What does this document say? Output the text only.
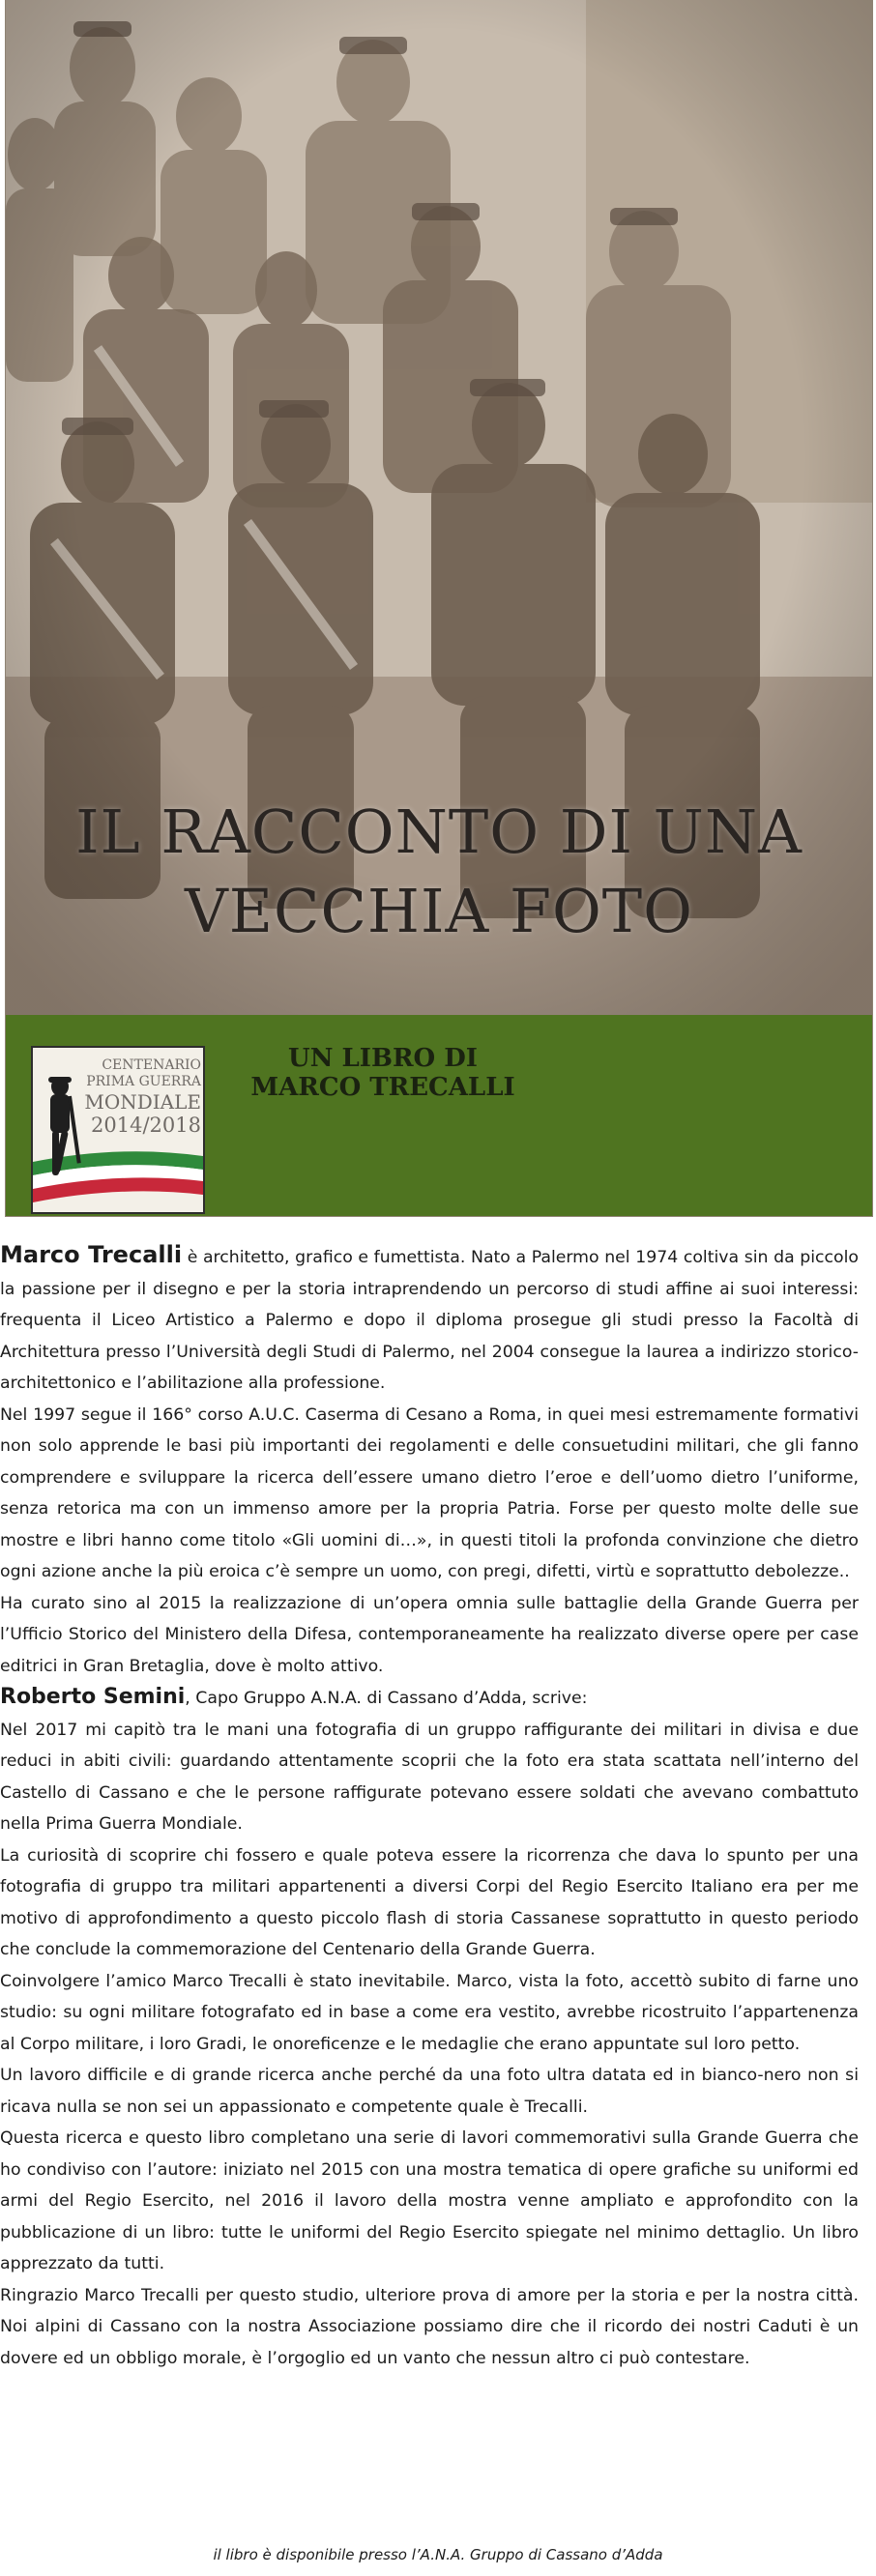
IL RACCONTO DI UNA
VECCHIA FOTO
CENTENARIO
PRIMA GUERRA
MONDIALE
2014/2018
UN LIBRO DI
MARCO TRECALLI

Marco Trecalli è architetto, grafico e fumettista. Nato a Palermo nel 1974 coltiva sin da piccolo la passione per il disegno e per la storia intraprendendo un percorso di studi affine ai suoi interessi: frequenta il Liceo Artistico a Palermo e dopo il diploma prosegue gli studi presso la Facoltà di Architettura presso l’Università degli Studi di Palermo, nel 2004 consegue la laurea a indirizzo storico-architettonico e l’abilitazione alla professione.

Nel 1997 segue il 166° corso A.U.C. Caserma di Cesano a Roma, in quei mesi estremamente formativi non solo apprende le basi più importanti dei regolamenti e delle consuetudini militari, che gli fanno comprendere e sviluppare la ricerca dell’essere umano dietro l’eroe e dell’uomo dietro l’uniforme, senza retorica ma con un immenso amore per la propria Patria. Forse per questo molte delle sue mostre e libri hanno come titolo «Gli uomini di…», in questi titoli la profonda convinzione che dietro ogni azione anche la più eroica c’è sempre un uomo, con pregi, difetti, virtù e soprattutto debolezze..

Ha curato sino al 2015 la realizzazione di un’opera omnia sulle battaglie della Grande Guerra per l’Ufficio Storico del Ministero della Difesa, contemporaneamente ha realizzato diverse opere per case editrici in Gran Bretaglia, dove è molto attivo.

Roberto Semini, Capo Gruppo A.N.A. di Cassano d’Adda, scrive:

Nel 2017 mi capitò tra le mani una fotografia di un gruppo raffigurante dei militari in divisa e due reduci in abiti civili: guardando attentamente scoprii che la foto era stata scattata nell’interno del Castello di Cassano e che le persone raffigurate potevano essere soldati che avevano combattuto nella Prima Guerra Mondiale.

La curiosità di scoprire chi fossero e quale poteva essere la ricorrenza che dava lo spunto per una fotografia di gruppo tra militari appartenenti a diversi Corpi del Regio Esercito Italiano era per me motivo di approfondimento a questo piccolo flash di storia Cassanese soprattutto in questo periodo che conclude la commemorazione del Centenario della Grande Guerra.

Coinvolgere l’amico Marco Trecalli è stato inevitabile. Marco, vista la foto, accettò subito di farne uno studio: su ogni militare fotografato ed in base a come era vestito, avrebbe ricostruito l’appartenenza al Corpo militare, i loro Gradi, le onoreficenze e le medaglie che erano appuntate sul loro petto.

Un lavoro difficile e di grande ricerca anche perché da una foto ultra datata ed in bianco-nero non si ricava nulla se non sei un appassionato e competente quale è Trecalli.

Questa ricerca e questo libro completano una serie di lavori commemorativi sulla Grande Guerra che ho condiviso con l’autore: iniziato nel 2015 con una mostra tematica di opere grafiche su uniformi ed armi del Regio Esercito, nel 2016 il lavoro della mostra venne ampliato e approfondito con la pubblicazione di un libro: tutte le uniformi del Regio Esercito spiegate nel minimo dettaglio. Un libro apprezzato da tutti.

Ringrazio Marco Trecalli per questo studio, ulteriore prova di amore per la storia e per la nostra città. Noi alpini di Cassano con la nostra Associazione possiamo dire che il ricordo dei nostri Caduti è un dovere ed un obbligo morale, è l’orgoglio ed un vanto che nessun altro ci può contestare.

il libro è disponibile presso l’A.N.A. Gruppo di Cassano d’Adda
